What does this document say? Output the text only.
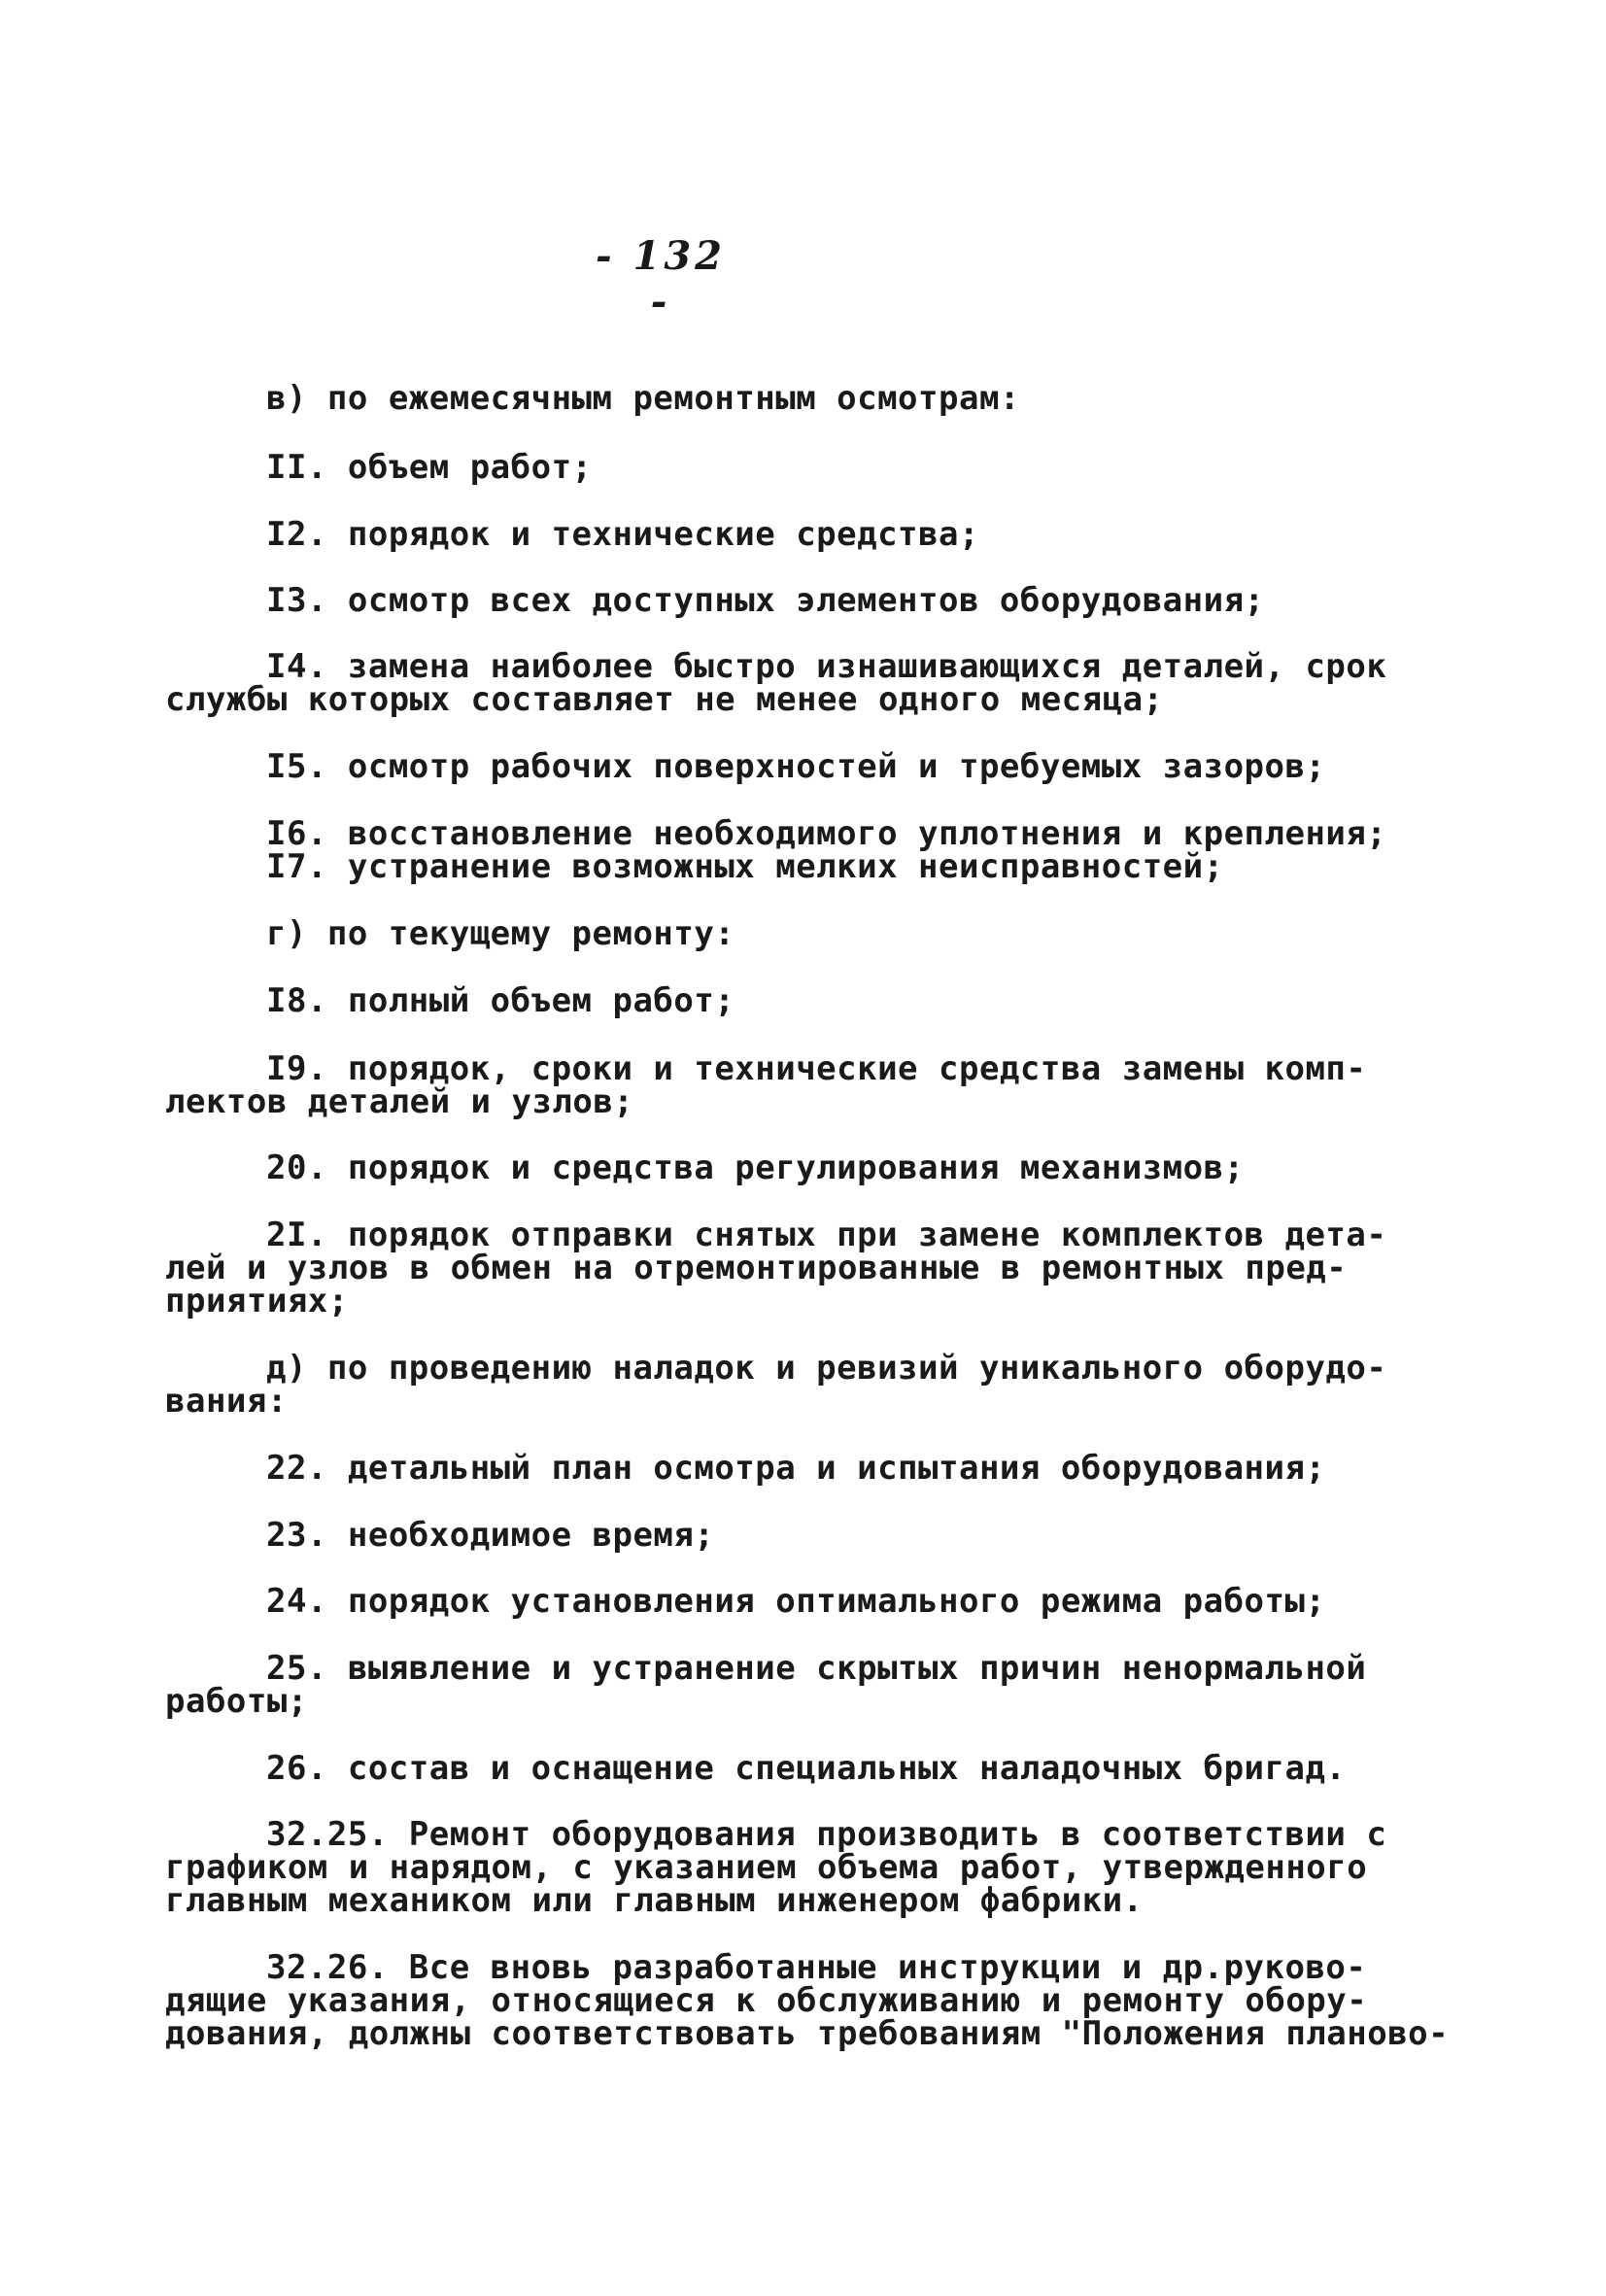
- 132 -
в) по ежемесячным ремонтным осмотрам:
II. объем работ;
I2. порядок и технические средства;
I3. осмотр всех доступных элементов оборудования;
I4. замена наиболее быстро изнашивающихся деталей, срок
службы которых составляет не менее одного месяца;
I5. осмотр рабочих поверхностей и требуемых зазоров;
I6. восстановление необходимого уплотнения и крепления;
I7. устранение возможных мелких неисправностей;
г) по текущему ремонту:
I8. полный объем работ;
I9. порядок, сроки и технические средства замены комп-
лектов деталей и узлов;
20. порядок и средства регулирования механизмов;
2I. порядок отправки снятых при замене комплектов дета-
лей и узлов в обмен на отремонтированные в ремонтных пред-
приятиях;
д) по проведению наладок и ревизий уникального оборудо-
вания:
22. детальный план осмотра и испытания оборудования;
23. необходимое время;
24. порядок установления оптимального режима работы;
25. выявление и устранение скрытых причин ненормальной
работы;
26. состав и оснащение специальных наладочных бригад.
32.25. Ремонт оборудования производить в соответствии с
графиком и нарядом, с указанием объема работ, утвержденного
главным механиком или главным инженером фабрики.
32.26. Все вновь разработанные инструкции и др.руково-
дящие указания, относящиеся к обслуживанию и ремонту обору-
дования, должны соответствовать требованиям "Положения планово-
